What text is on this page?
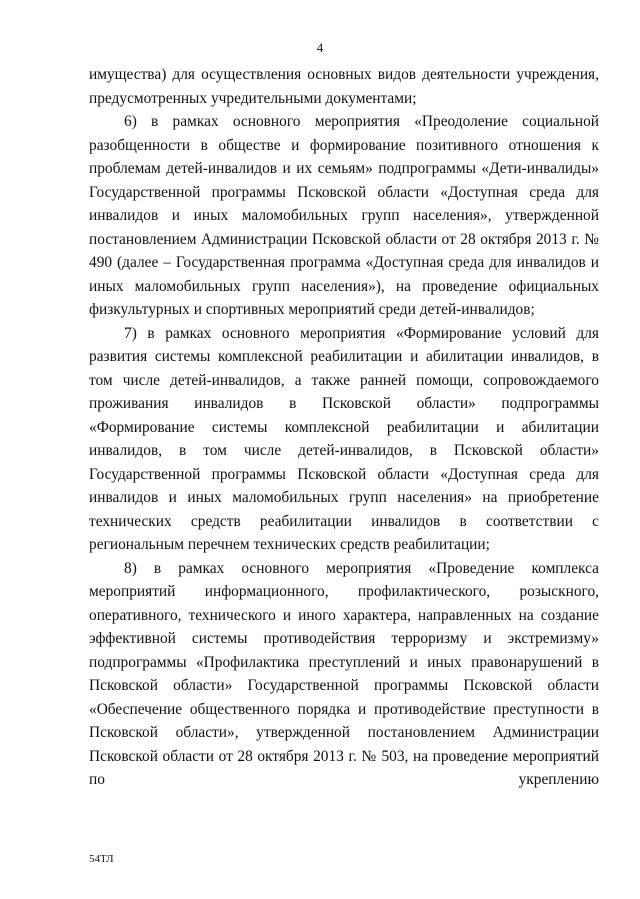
4

имущества) для осуществления основных видов деятельности учреждения, предусмотренных учредительными документами;

6) в рамках основного мероприятия «Преодоление социальной разобщенности в обществе и формирование позитивного отношения к проблемам детей-инвалидов и их семьям» подпрограммы «Дети-инвалиды» Государственной программы Псковской области «Доступная среда для инвалидов и иных маломобильных групп населения», утвержденной постановлением Администрации Псковской области от 28 октября 2013 г. № 490 (далее – Государственная программа «Доступная среда для инвалидов и иных маломобильных групп населения»), на проведение официальных физкультурных и спортивных мероприятий среди детей-инвалидов;

7) в рамках основного мероприятия «Формирование условий для развития системы комплексной реабилитации и абилитации инвалидов, в том числе детей-инвалидов, а также ранней помощи, сопровождаемого проживания инвалидов в Псковской области» подпрограммы «Формирование системы комплексной реабилитации и абилитации инвалидов, в том числе детей-инвалидов, в Псковской области» Государственной программы Псковской области «Доступная среда для инвалидов и иных маломобильных групп населения» на приобретение технических средств реабилитации инвалидов в соответствии с региональным перечнем технических средств реабилитации;

8) в рамках основного мероприятия «Проведение комплекса мероприятий информационного, профилактического, розыскного, оперативного, технического и иного характера, направленных на создание эффективной системы противодействия терроризму и экстремизму» подпрограммы «Профилактика преступлений и иных правонарушений в Псковской области» Государственной программы Псковской области «Обеспечение общественного порядка и противодействие преступности в Псковской области», утвержденной постановлением Администрации Псковской области от 28 октября 2013 г. № 503, на проведение мероприятий по укреплению

54ТЛ
